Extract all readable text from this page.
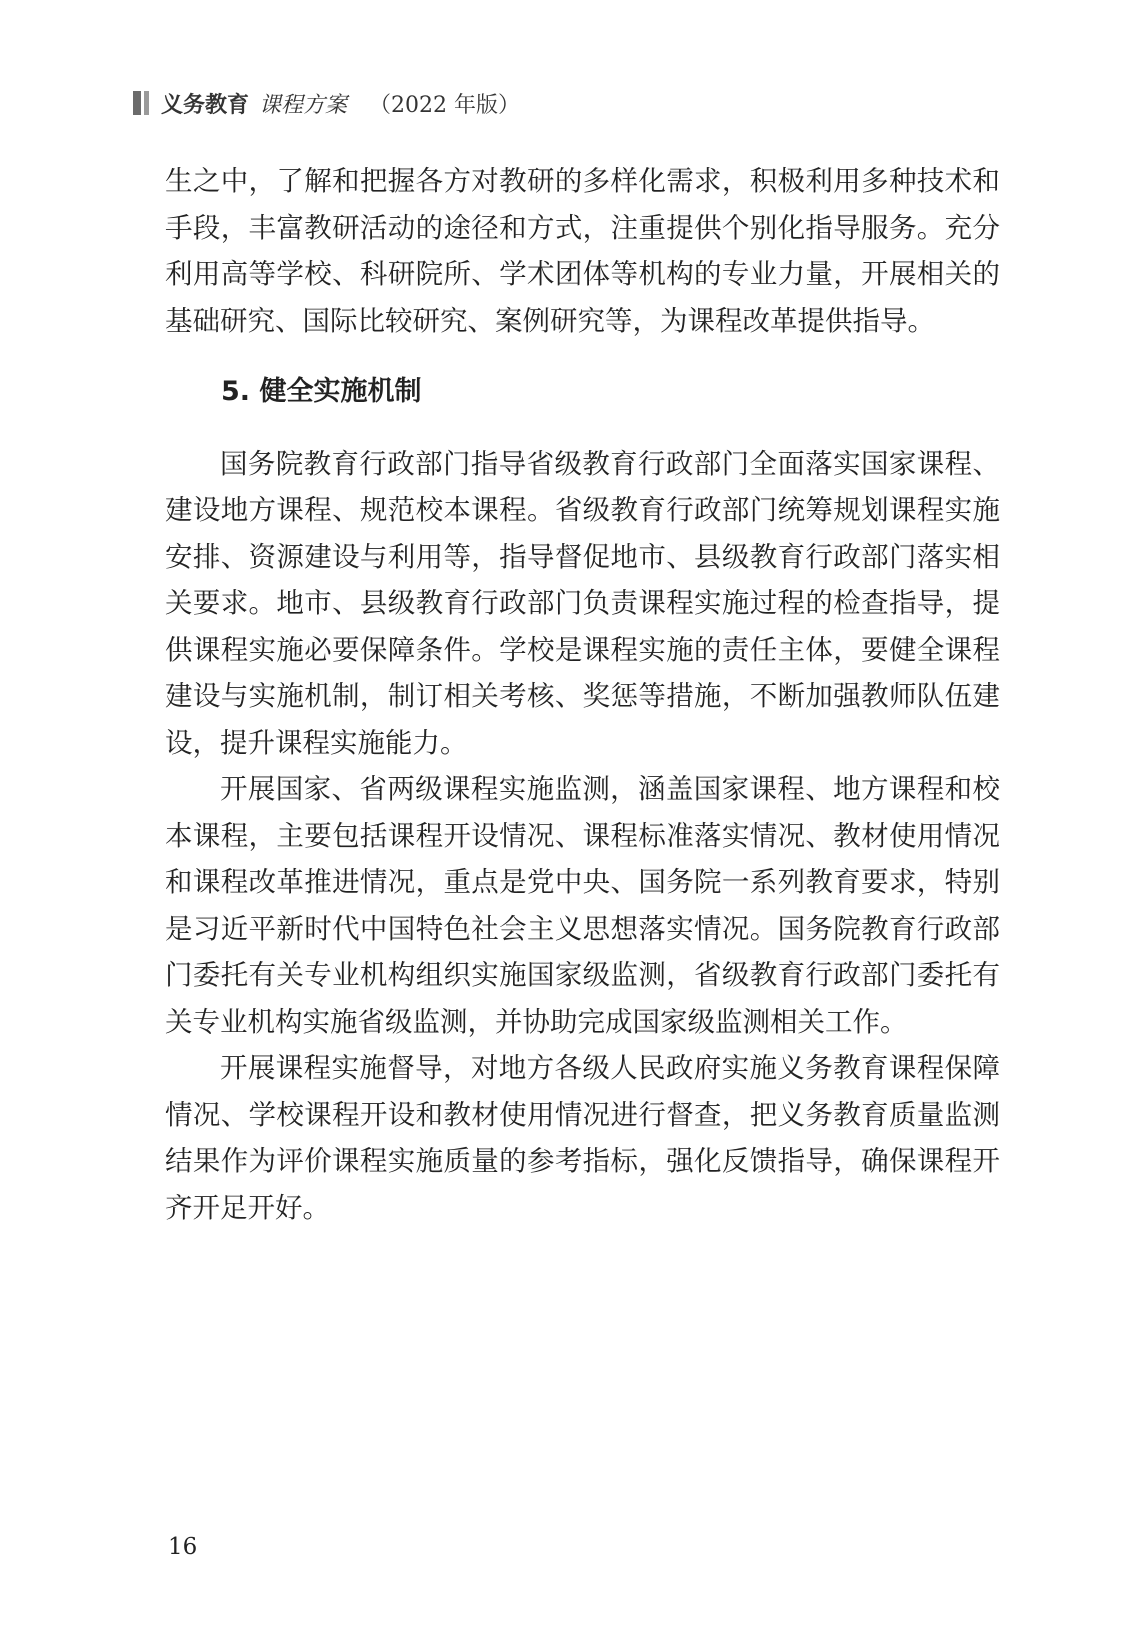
义务教育 课程方案 （2022 年版）

生之中，了解和把握各方对教研的多样化需求，积极利用多种技术和手段，丰富教研活动的途径和方式，注重提供个别化指导服务。充分利用高等学校、科研院所、学术团体等机构的专业力量，开展相关的基础研究、国际比较研究、案例研究等，为课程改革提供指导。

5. 健全实施机制

国务院教育行政部门指导省级教育行政部门全面落实国家课程、建设地方课程、规范校本课程。省级教育行政部门统筹规划课程实施安排、资源建设与利用等，指导督促地市、县级教育行政部门落实相关要求。地市、县级教育行政部门负责课程实施过程的检查指导，提供课程实施必要保障条件。学校是课程实施的责任主体，要健全课程建设与实施机制，制订相关考核、奖惩等措施，不断加强教师队伍建设，提升课程实施能力。

开展国家、省两级课程实施监测，涵盖国家课程、地方课程和校本课程，主要包括课程开设情况、课程标准落实情况、教材使用情况和课程改革推进情况，重点是党中央、国务院一系列教育要求，特别是习近平新时代中国特色社会主义思想落实情况。国务院教育行政部门委托有关专业机构组织实施国家级监测，省级教育行政部门委托有关专业机构实施省级监测，并协助完成国家级监测相关工作。

开展课程实施督导，对地方各级人民政府实施义务教育课程保障情况、学校课程开设和教材使用情况进行督查，把义务教育质量监测结果作为评价课程实施质量的参考指标，强化反馈指导，确保课程开齐开足开好。

16
